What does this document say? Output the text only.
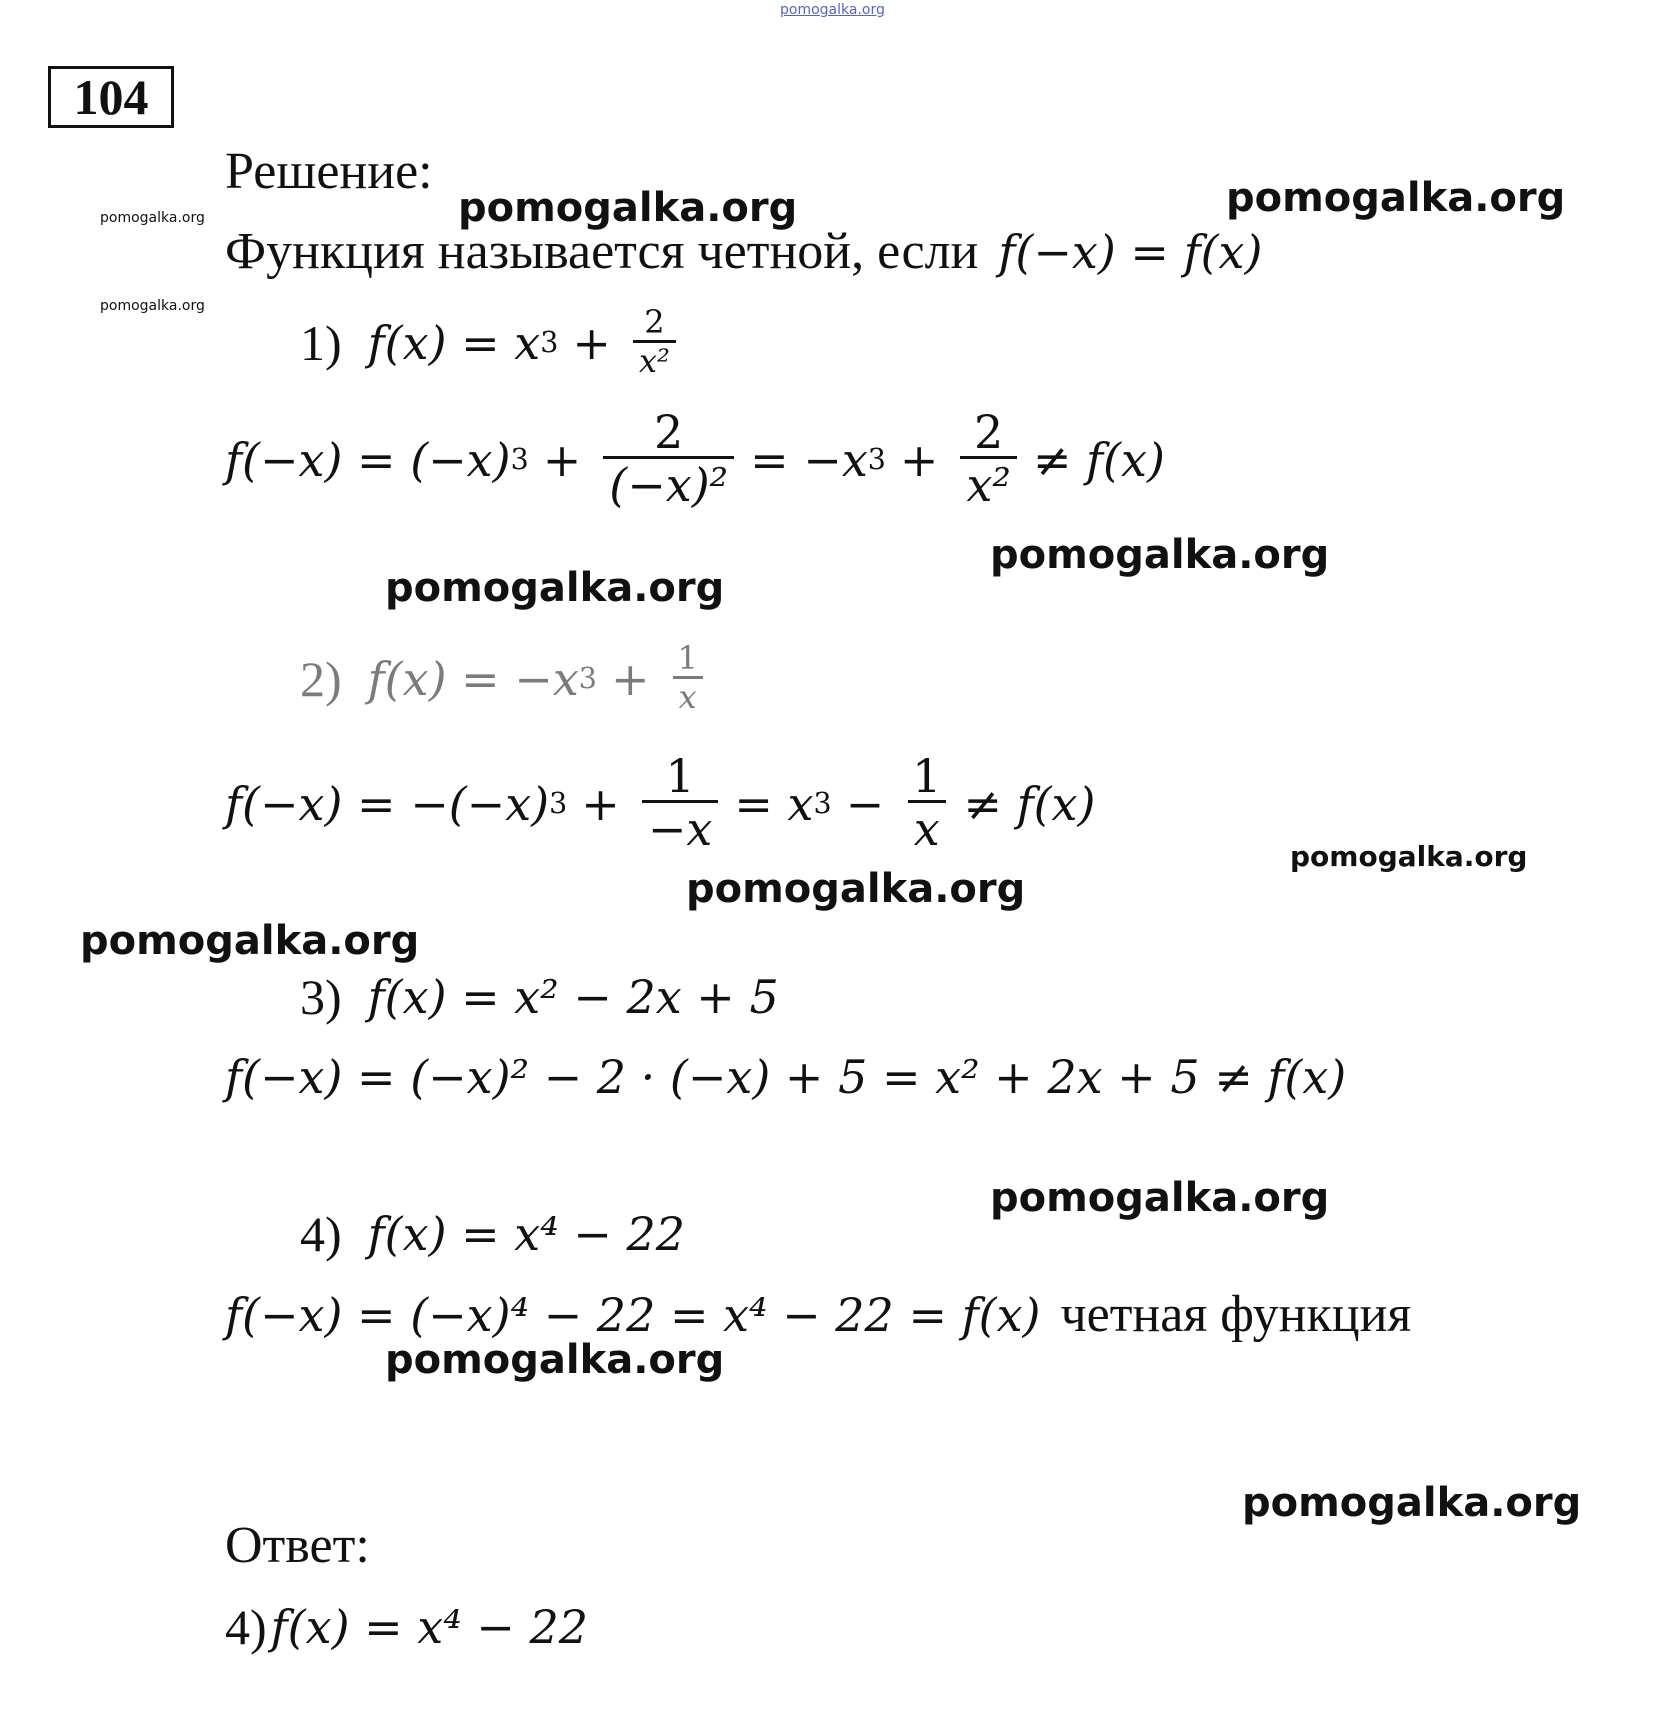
pomogalka.org
pomogalka.org
pomogalka.org
pomogalka.org	pomogalka.org
pomogalka.org
pomogalka.org
pomogalka.org
pomogalka.org
pomogalka.org
pomogalka.org
pomogalka.org
pomogalka.org
104
Решение:
Функция называется четной, если f(−x) = f(x)
1) f(x) = x $3 + \frac{2}{\text{x²}}$
f(−x) = (−x) $3 + \frac{2}{\text{(−x)²}} = -x$ $3 + \frac{2}{\text{x²}} \ne f(x)$
2) f(x) = −x $3 + \frac{1}{x}$
f(−x) = −(−x) $3 + \frac{1}{-x} = x$ $3 - \frac{1}{x} \ne f(x)$
3) f(x) = x² − 2x + 5
f(−x) = (−x)² − 2 · (−x) + 5 = x² + 2x + 5 ≠ f(x)
4) f(x) = x⁴ − 22
f(−x) = (−x)⁴ − 22 = x⁴ − 22 = f(x) четная функция
Ответ:
4) f(x) = x⁴ − 22
